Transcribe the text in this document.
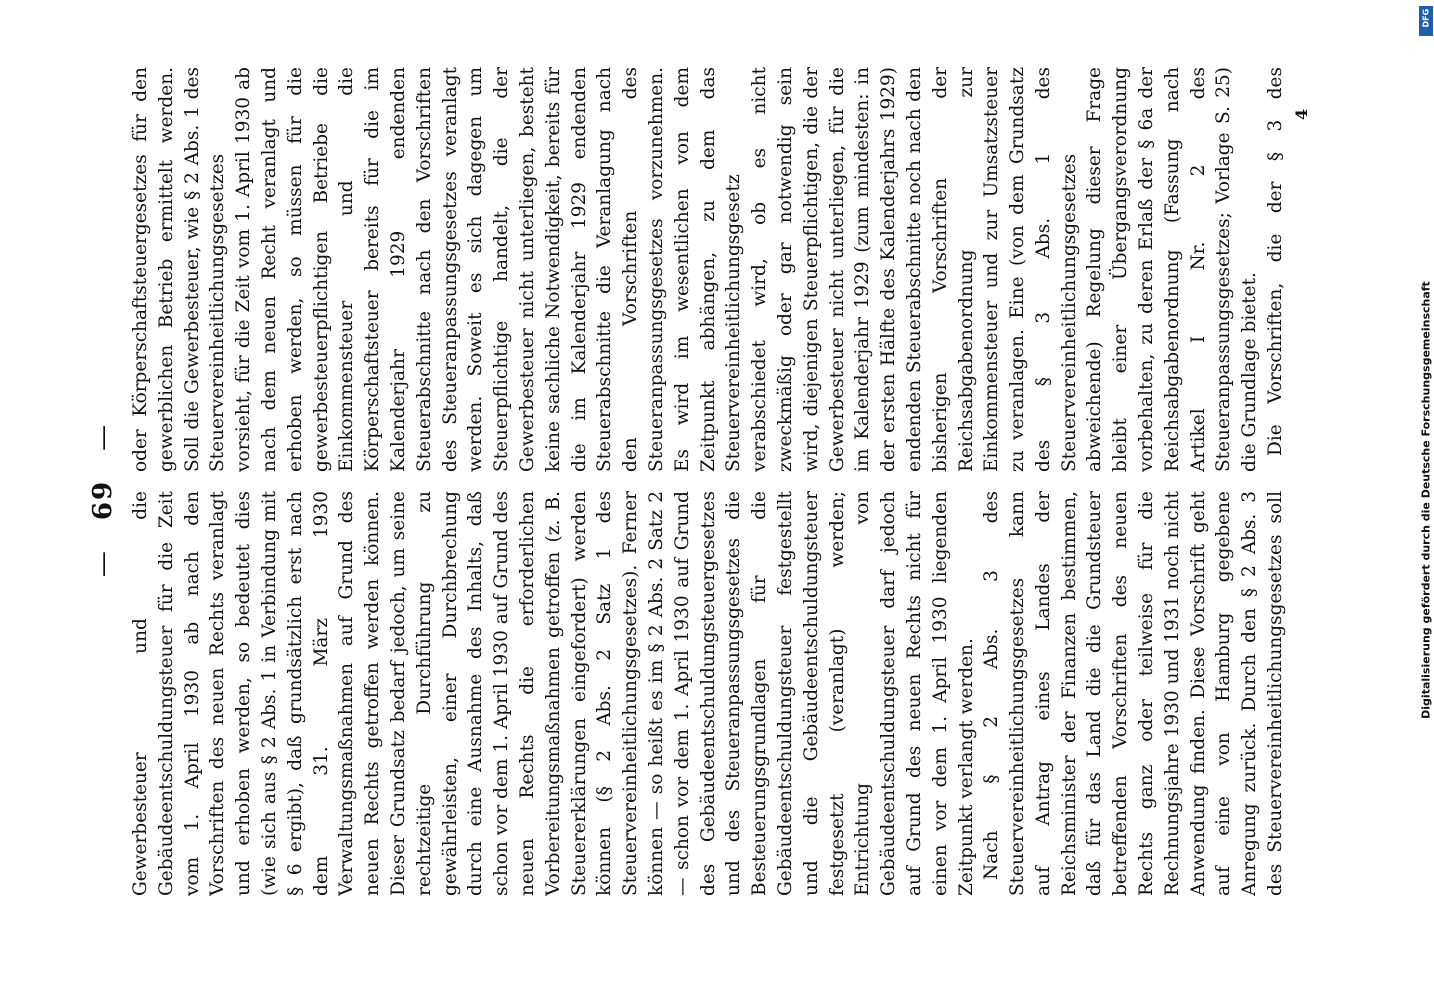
— 69 —

Gewerbesteuer und die Gebäudeentschuldungsteuer für die Zeit vom 1. April 1930 ab nach den Vorschriften des neuen Rechts veranlagt und erhoben werden, so bedeutet dies (wie sich aus § 2 Abs. 1 in Verbindung mit § 6 ergibt), daß grundsätzlich erst nach dem 31. März 1930 Verwaltungsmaßnahmen auf Grund des neuen Rechts getroffen werden können. Dieser Grundsatz bedarf jedoch, um seine rechtzeitige Durchführung zu gewährleisten, einer Durchbrechung durch eine Ausnahme des Inhalts, daß schon vor dem 1. April 1930 auf Grund des neuen Rechts die erforderlichen Vorbereitungsmaßnahmen getroffen (z. B. Steuererklärungen eingefordert) werden können (§ 2 Abs. 2 Satz 1 des Steuervereinheitlichungsgesetzes). Ferner können — so heißt es im § 2 Abs. 2 Satz 2 — schon vor dem 1. April 1930 auf Grund des Gebäudeentschuldungsteuergesetzes und des Steueranpassungsgesetzes die Besteuerungsgrundlagen für die Gebäudeentschuldungsteuer festgestellt und die Gebäudeentschuldungsteuer festgesetzt (veranlagt) werden; Entrichtung von Gebäudeentschuldungsteuer darf jedoch auf Grund des neuen Rechts nicht für einen vor dem 1. April 1930 liegenden Zeitpunkt verlangt werden. Nach § 2 Abs. 3 des Steuervereinheitlichungsgesetzes kann auf Antrag eines Landes der Reichsminister der Finanzen bestimmen, daß für das Land die die Grundsteuer betreffenden Vorschriften des neuen Rechts ganz oder teilweise für die Rechnungsjahre 1930 und 1931 noch nicht Anwendung finden. Diese Vorschrift geht auf eine von Hamburg gegebene Anregung zurück. Durch den § 2 Abs. 3 des Steuervereinheitlichungsgesetzes soll

oder Körperschaftsteuergesetzes für den gewerblichen Betrieb ermittelt werden. Soll die Gewerbesteuer, wie § 2 Abs. 1 des Steuervereinheitlichungsgesetzes vorsieht, für die Zeit vom 1. April 1930 ab nach dem neuen Recht veranlagt und erhoben werden, so müssen für die gewerbesteuerpflichtigen Betriebe die Einkommensteuer und die Körperschaftsteuer bereits für die im Kalenderjahr 1929 endenden Steuerabschnitte nach den Vorschriften des Steueranpassungsgesetzes veranlagt werden. Soweit es sich dagegen um Steuerpflichtige handelt, die der Gewerbesteuer nicht unterliegen, besteht keine sachliche Notwendigkeit, bereits für die im Kalenderjahr 1929 endenden Steuerabschnitte die Veranlagung nach den Vorschriften des Steueranpassungsgesetzes vorzunehmen. Es wird im wesentlichen von dem Zeitpunkt abhängen, zu dem das Steuervereinheitlichungsgesetz verabschiedet wird, ob es nicht zweckmäßig oder gar notwendig sein wird, diejenigen Steuerpflichtigen, die der Gewerbesteuer nicht unterliegen, für die im Kalenderjahr 1929 (zum mindesten: in der ersten Hälfte des Kalenderjahrs 1929) endenden Steuerabschnitte noch nach den bisherigen Vorschriften der Reichsabgabenordnung zur Einkommensteuer und zur Umsatzsteuer zu veranlagen. Eine (von dem Grundsatz des § 3 Abs. 1 des Steuervereinheitlichungsgesetzes abweichende) Regelung dieser Frage bleibt einer Übergangsverordnung vorbehalten, zu deren Erlaß der § 6a der Reichsabgabenordnung (Fassung nach Artikel I Nr. 2 des Steueranpassungsgesetzes; Vorlage S. 25) die Grundlage bietet. Die Vorschriften, die der § 3 des

4
DFG
Digitalisierung gefördert durch die Deutsche Forschungsgemeinschaft
